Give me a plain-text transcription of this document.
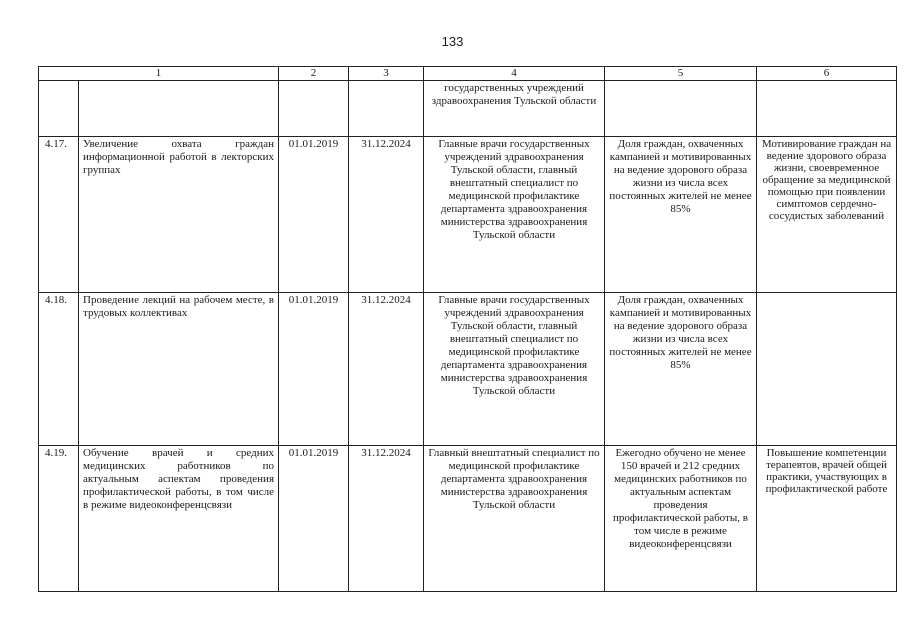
133
1		2	3	4	5	6
				государственных учреждений здравоохранения Тульской области		
4.17.	Увеличение охвата граждан информационной работой в лекторских группах	01.01.2019	31.12.2024	Главные врачи государственных учреждений здравоохранения Тульской области, главный внештатный специалист по медицинской профилактике департамента здравоохранения министерства здравоохранения Тульской области	Доля граждан, охваченных кампанией и мотивированных на ведение здорового образа жизни из числа всех постоянных жителей не менее 85%	Мотивирование граждан на ведение здорового образа жизни, своевременное обращение за медицинской помощью при появлении симптомов сердечно-сосудистых заболеваний
4.18.	Проведение лекций на рабочем месте, в трудовых коллективах	01.01.2019	31.12.2024	Главные врачи государственных учреждений здравоохранения Тульской области, главный внештатный специалист по медицинской профилактике департамента здравоохранения министерства здравоохранения Тульской области	Доля граждан, охваченных кампанией и мотивированных на ведение здорового образа жизни из числа всех постоянных жителей не менее 85%	
4.19.	Обучение врачей и средних медицинских работников по актуальным аспектам проведения профилактической работы, в том числе в режиме видеоконференцсвязи	01.01.2019	31.12.2024	Главный внештатный специалист по медицинской профилактике департамента здравоохранения министерства здравоохранения Тульской области	Ежегодно обучено не менее 150 врачей и 212 средних медицинских работников по актуальным аспектам проведения профилактической работы, в том числе в режиме видеоконференцсвязи	Повышение компетенции терапевтов, врачей общей практики, участвующих в профилактической работе
